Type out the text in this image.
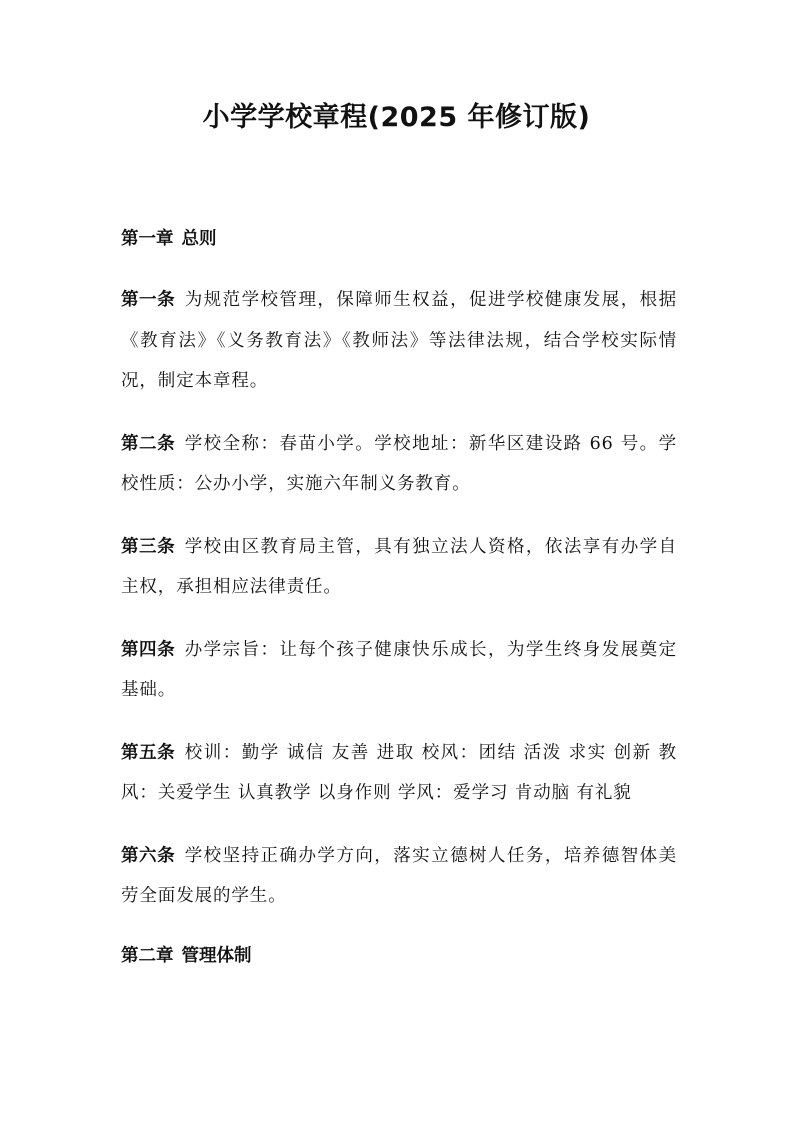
小学学校章程(2025 年修订版)

第一章 总则

第一条 为规范学校管理，保障师生权益，促进学校健康发展，根据《教育法》《义务教育法》《教师法》等法律法规，结合学校实际情况，制定本章程。

第二条 学校全称：春苗小学。学校地址：新华区建设路 66 号。学校性质：公办小学，实施六年制义务教育。

第三条 学校由区教育局主管，具有独立法人资格，依法享有办学自主权，承担相应法律责任。

第四条 办学宗旨：让每个孩子健康快乐成长，为学生终身发展奠定基础。

第五条 校训：勤学 诚信 友善 进取 校风：团结 活泼 求实 创新 教风：关爱学生 认真教学 以身作则 学风：爱学习 肯动脑 有礼貌

第六条 学校坚持正确办学方向，落实立德树人任务，培养德智体美劳全面发展的学生。

第二章 管理体制
